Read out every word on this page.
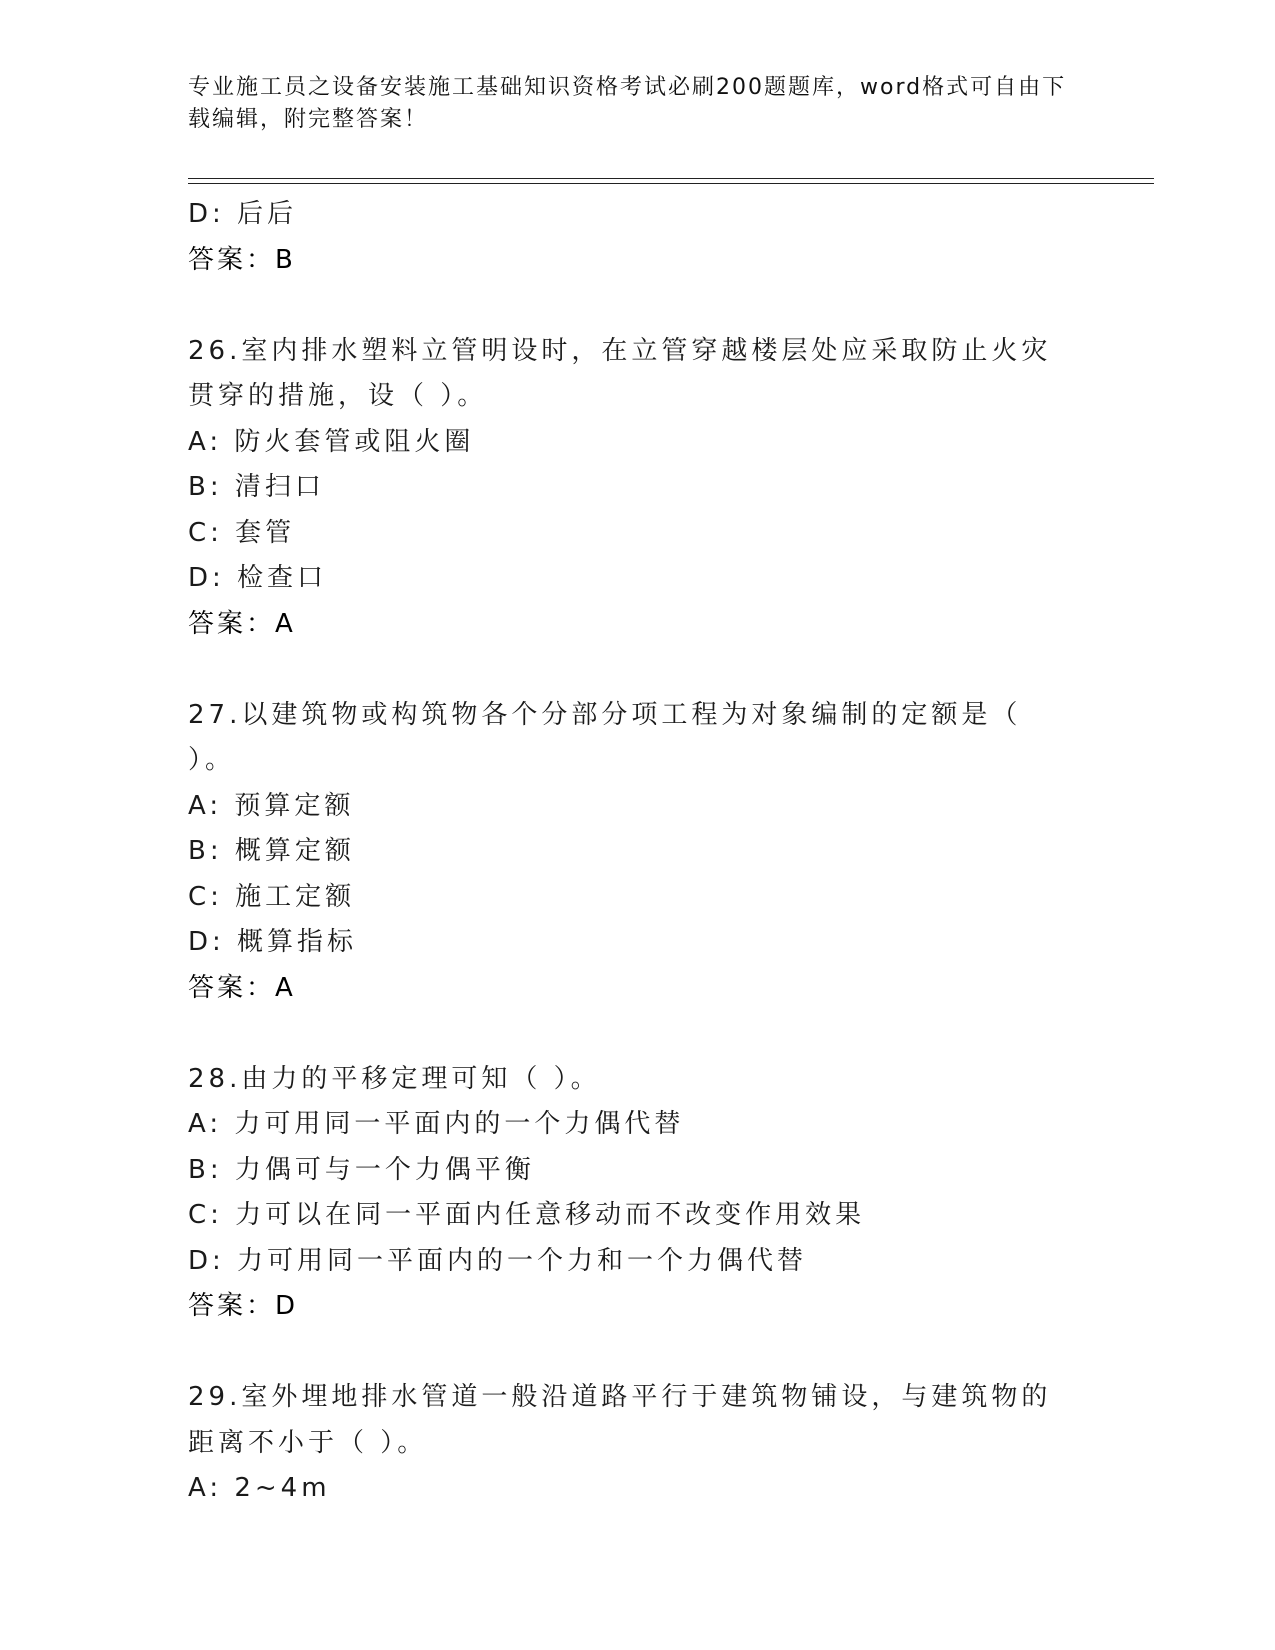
专业施工员之设备安装施工基础知识资格考试必刷200题题库，word格式可自由下载编辑，附完整答案！
D: 后后
答案：B
26.室内排水塑料立管明设时，在立管穿越楼层处应采取防止火灾贯穿的措施，设（ ）。
A: 防火套管或阻火圈
B: 清扫口
C: 套管
D: 检查口
答案：A
27.以建筑物或构筑物各个分部分项工程为对象编制的定额是（ ）。
A: 预算定额
B: 概算定额
C: 施工定额
D: 概算指标
答案：A
28.由力的平移定理可知（ ）。
A: 力可用同一平面内的一个力偶代替
B: 力偶可与一个力偶平衡
C: 力可以在同一平面内任意移动而不改变作用效果
D: 力可用同一平面内的一个力和一个力偶代替
答案：D
29.室外埋地排水管道一般沿道路平行于建筑物铺设，与建筑物的距离不小于（ ）。
A: 2~4m
